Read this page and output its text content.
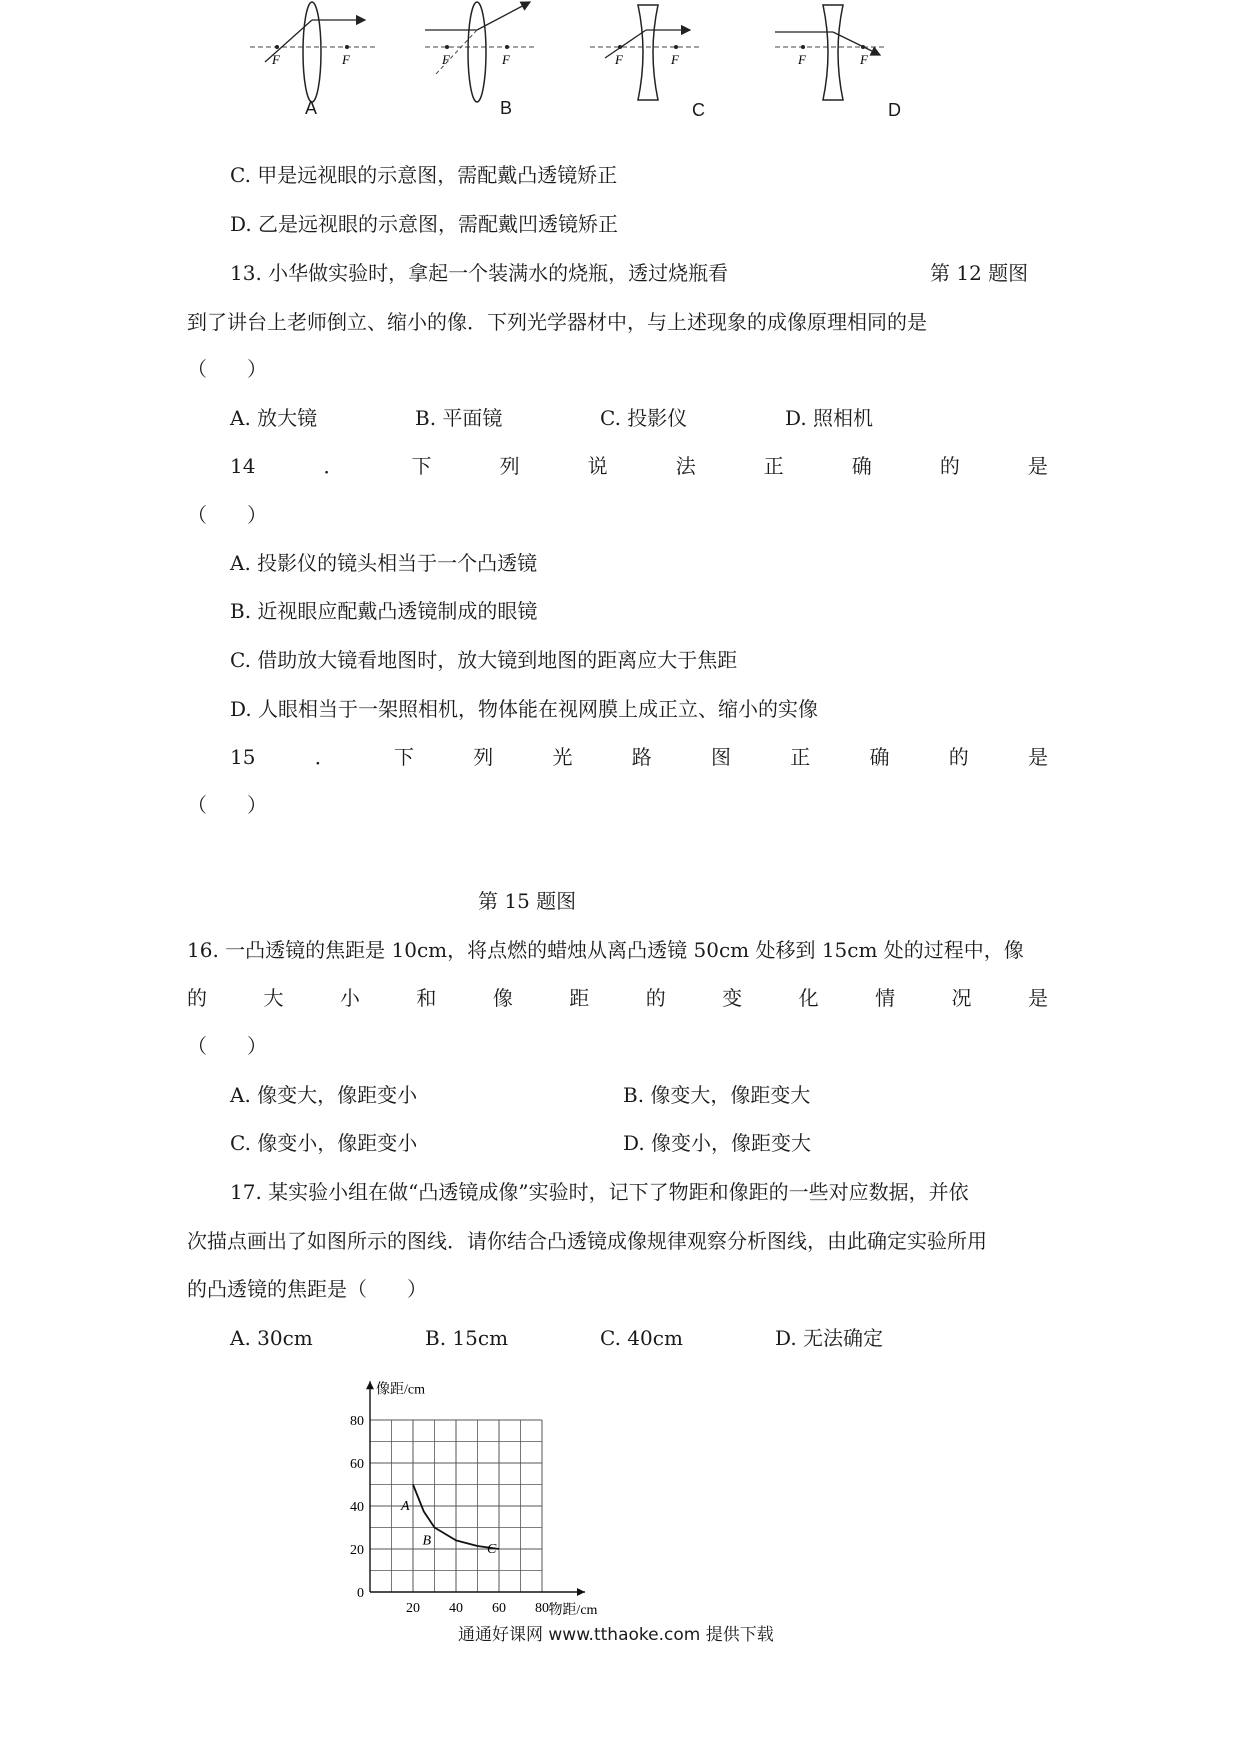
F	F	F	F	F	F	F	F
A	B	C	D
C. 甲是远视眼的示意图，需配戴凸透镜矫正
D. 乙是远视眼的示意图，需配戴凹透镜矫正
13. 小华做实验时，拿起一个装满水的烧瓶，透过烧瓶看	第 12 题图
到了讲台上老师倒立、缩小的像．下列光学器材中，与上述现象的成像原理相同的是
（　　）
A. 放大镜	B. 平面镜	C. 投影仪	D. 照相机
14	．	下	列	说	法	正	确	的	是
（　　）
A. 投影仪的镜头相当于一个凸透镜
B. 近视眼应配戴凸透镜制成的眼镜
C. 借助放大镜看地图时，放大镜到地图的距离应大于焦距
D. 人眼相当于一架照相机，物体能在视网膜上成正立、缩小的实像
15	．	下	列	光	路	图	正	确	的	是
（　　）
第 15 题图
16. 一凸透镜的焦距是 10cm，将点燃的蜡烛从离凸透镜 50cm 处移到 15cm 处的过程中，像
的	大	小	和	像	距	的	变	化	情	况	是
（　　）
A. 像变大，像距变小	B. 像变大，像距变大
C. 像变小，像距变小	D. 像变小，像距变大
17. 某实验小组在做“凸透镜成像”实验时，记下了物距和像距的一些对应数据，并依
次描点画出了如图所示的图线．请你结合凸透镜成像规律观察分析图线，由此确定实验所用
的凸透镜的焦距是（　　）
A. 30cm	B. 15cm	C. 40cm	D. 无法确定
0
20
40
60
80
20 40 60 80
像距/cm
物距/cm
A
B
C
通通好课网 www.tthaoke.com 提供下载
